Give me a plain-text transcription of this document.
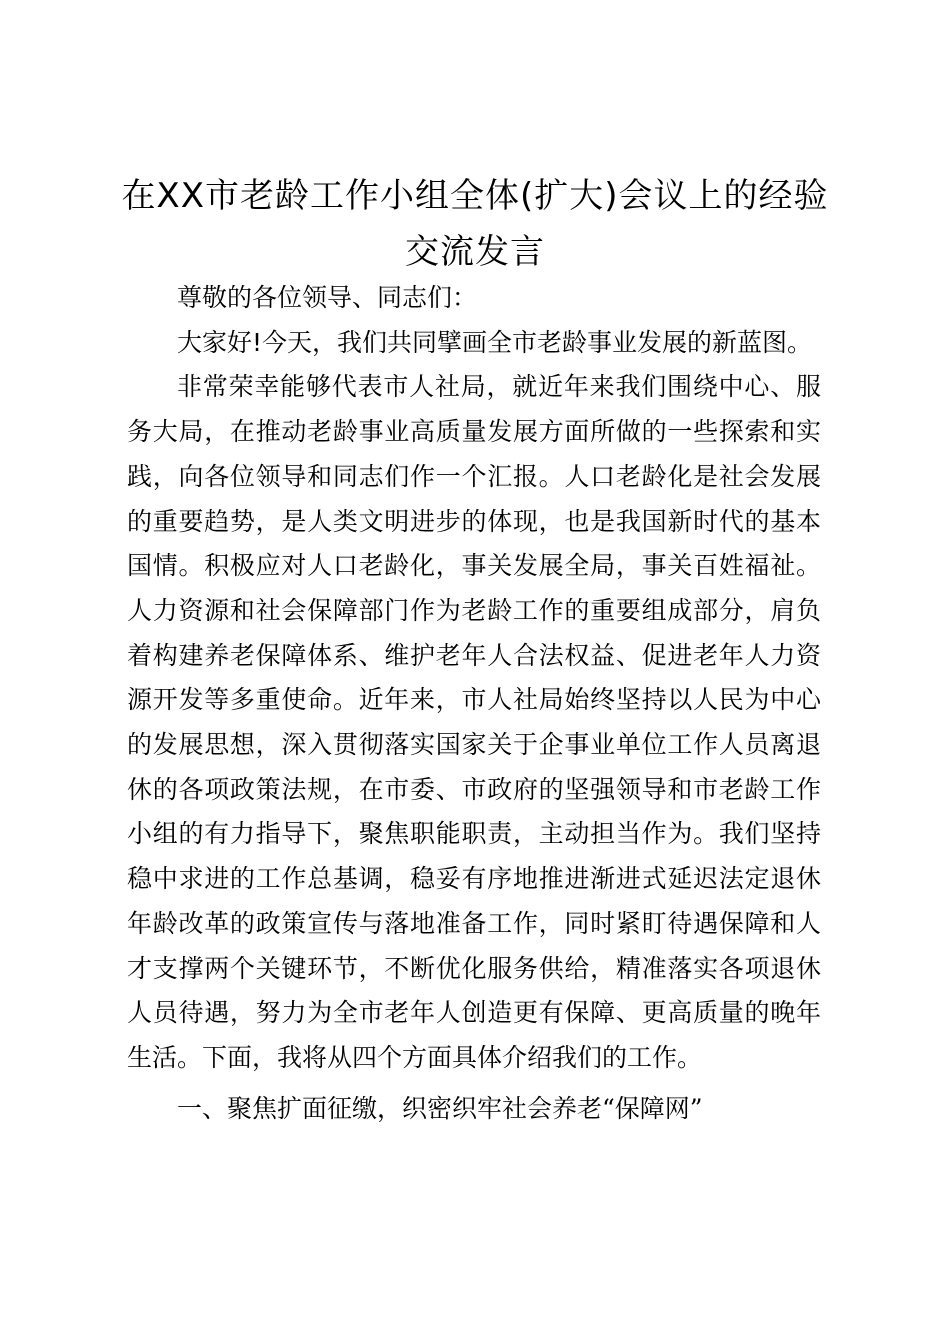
在XX市老龄工作小组全体(扩大)会议上的经验交流发言

尊敬的各位领导、同志们：

大家好!今天，我们共同擘画全市老龄事业发展的新蓝图。

非常荣幸能够代表市人社局，就近年来我们围绕中心、服务大局，在推动老龄事业高质量发展方面所做的一些探索和实践，向各位领导和同志们作一个汇报。人口老龄化是社会发展的重要趋势，是人类文明进步的体现，也是我国新时代的基本国情。积极应对人口老龄化，事关发展全局，事关百姓福祉。人力资源和社会保障部门作为老龄工作的重要组成部分，肩负着构建养老保障体系、维护老年人合法权益、促进老年人力资源开发等多重使命。近年来，市人社局始终坚持以人民为中心的发展思想，深入贯彻落实国家关于企事业单位工作人员离退休的各项政策法规，在市委、市政府的坚强领导和市老龄工作小组的有力指导下，聚焦职能职责，主动担当作为。我们坚持稳中求进的工作总基调，稳妥有序地推进渐进式延迟法定退休年龄改革的政策宣传与落地准备工作，同时紧盯待遇保障和人才支撑两个关键环节，不断优化服务供给，精准落实各项退休人员待遇，努力为全市老年人创造更有保障、更高质量的晚年生活。下面，我将从四个方面具体介绍我们的工作。

一、聚焦扩面征缴，织密织牢社会养老“保障网”
